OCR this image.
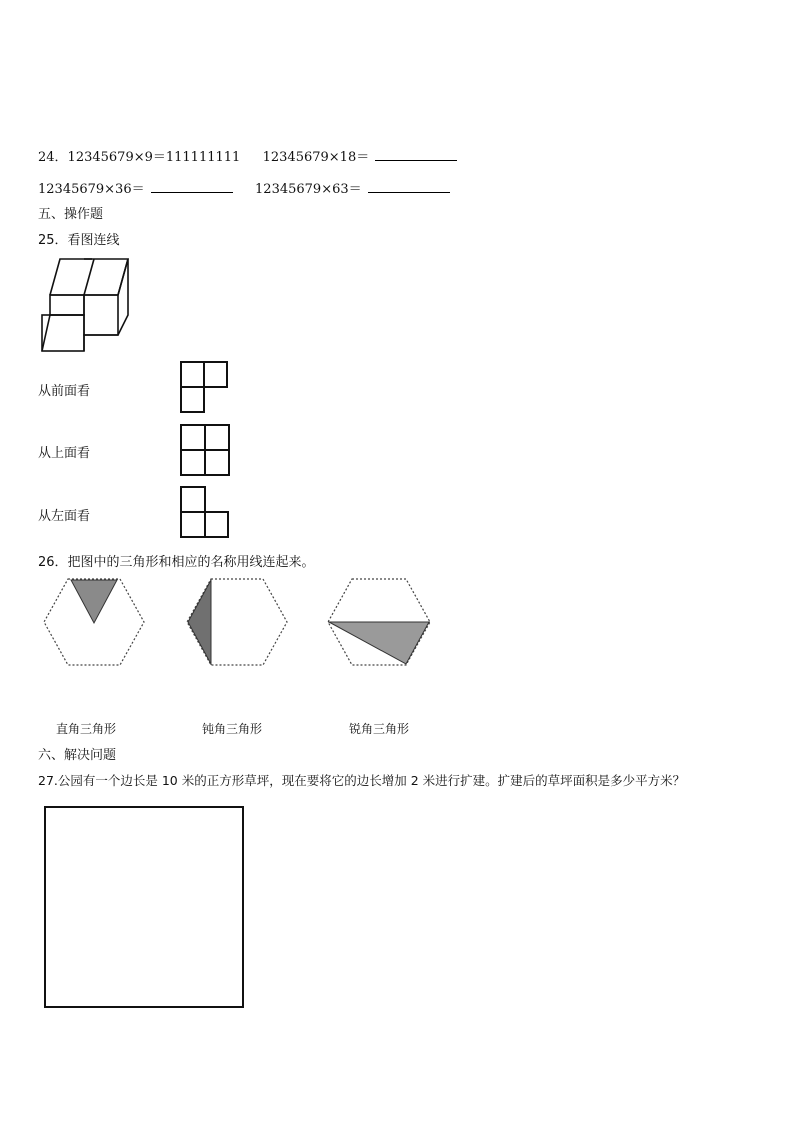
24．12345679×9＝111111111 12345679×18＝
12345679×36＝	12345679×63＝
五、操作题
25．看图连线
从前面看
从上面看
从左面看
26．把图中的三角形和相应的名称用线连起来。
直角三角形	钝角三角形	锐角三角形
六、解决问题
27.公园有一个边长是 10 米的正方形草坪，现在要将它的边长增加 2 米进行扩建。扩建后的草坪面积是多少平方米？
